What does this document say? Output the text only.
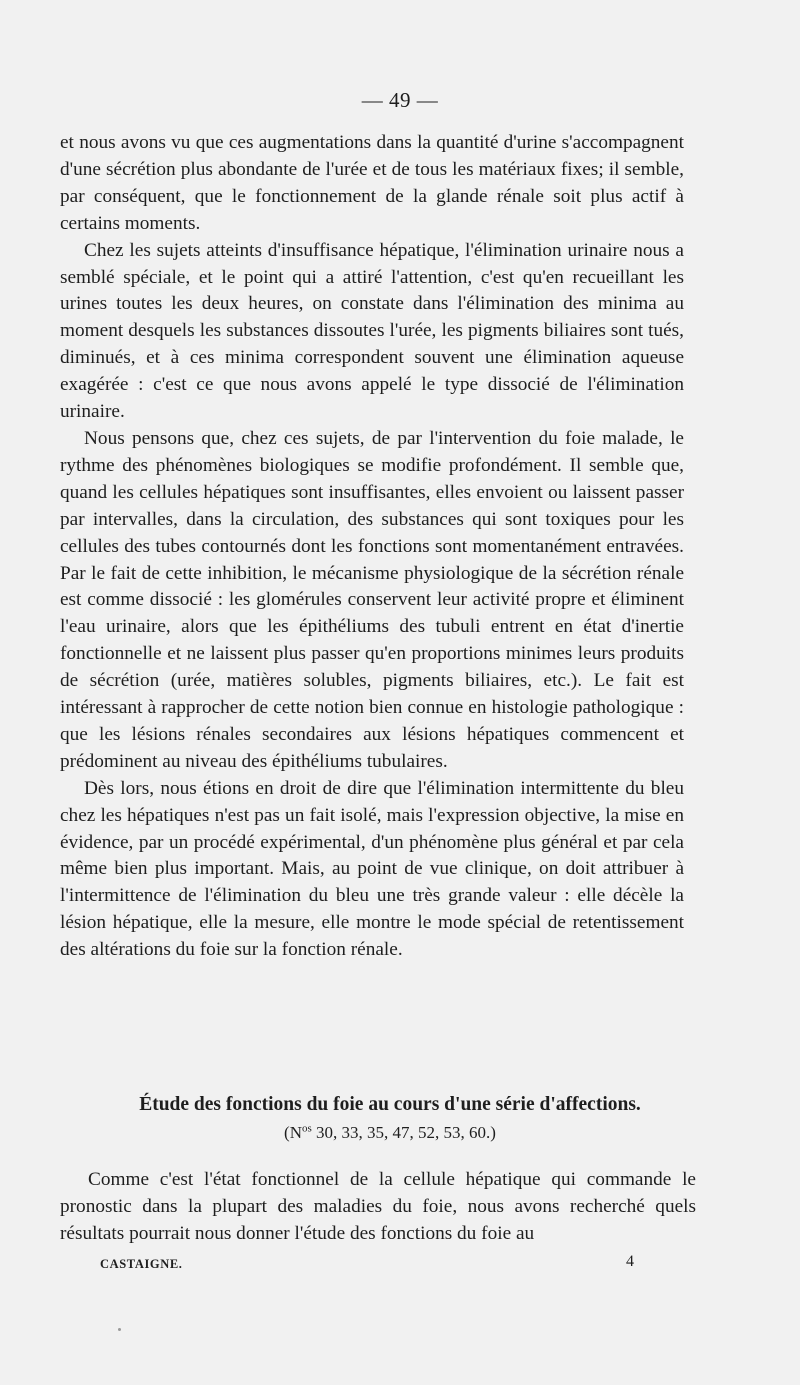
— 49 —

et nous avons vu que ces augmentations dans la quantité d'urine s'accompagnent d'une sécrétion plus abondante de l'urée et de tous les matériaux fixes; il semble, par conséquent, que le fonctionnement de la glande rénale soit plus actif à certains moments.

Chez les sujets atteints d'insuffisance hépatique, l'élimination urinaire nous a semblé spéciale, et le point qui a attiré l'attention, c'est qu'en recueillant les urines toutes les deux heures, on constate dans l'élimination des minima au moment desquels les substances dissoutes l'urée, les pigments biliaires sont tués, diminués, et à ces minima correspondent souvent une élimination aqueuse exagérée : c'est ce que nous avons appelé le type dissocié de l'élimination urinaire.

Nous pensons que, chez ces sujets, de par l'intervention du foie malade, le rythme des phénomènes biologiques se modifie profondément. Il semble que, quand les cellules hépatiques sont insuffisantes, elles envoient ou laissent passer par intervalles, dans la circulation, des substances qui sont toxiques pour les cellules des tubes contournés dont les fonctions sont momentanément entravées. Par le fait de cette inhibition, le mécanisme physiologique de la sécrétion rénale est comme dissocié : les glomérules conservent leur activité propre et éliminent l'eau urinaire, alors que les épithéliums des tubuli entrent en état d'inertie fonctionnelle et ne laissent plus passer qu'en proportions minimes leurs produits de sécrétion (urée, matières solubles, pigments biliaires, etc.). Le fait est intéressant à rapprocher de cette notion bien connue en histologie pathologique : que les lésions rénales secondaires aux lésions hépatiques commencent et prédominent au niveau des épithéliums tubulaires.

Dès lors, nous étions en droit de dire que l'élimination intermittente du bleu chez les hépatiques n'est pas un fait isolé, mais l'expression objective, la mise en évidence, par un procédé expérimental, d'un phénomène plus général et par cela même bien plus important. Mais, au point de vue clinique, on doit attribuer à l'intermittence de l'élimination du bleu une très grande valeur : elle décèle la lésion hépatique, elle la mesure, elle montre le mode spécial de retentissement des altérations du foie sur la fonction rénale.

Étude des fonctions du foie au cours d'une série d'affections.
($N^{os}$ 30, 33, 35, 47, 52, 53, 60.)

Comme c'est l'état fonctionnel de la cellule hépatique qui commande le pronostic dans la plupart des maladies du foie, nous avons recherché quels résultats pourrait nous donner l'étude des fonctions du foie au

CASTAIGNE.	4
